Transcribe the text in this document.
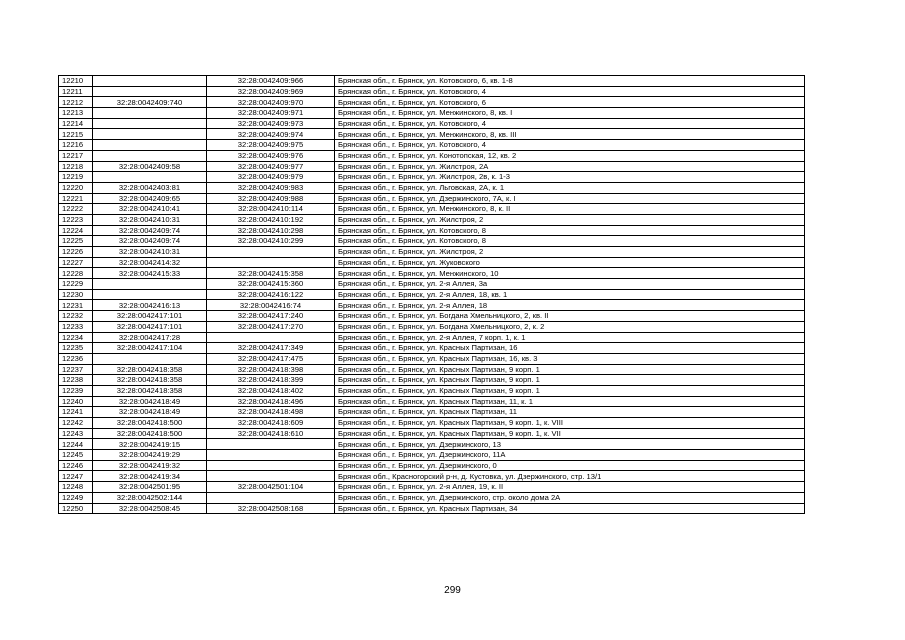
12210		32:28:0042409:966	Брянская обл., г. Брянск, ул. Котовского, 6, кв. 1-8
12211		32:28:0042409:969	Брянская обл., г. Брянск, ул. Котовского, 4
12212	32:28:0042409:740	32:28:0042409:970	Брянская обл., г. Брянск, ул. Котовского, 6
12213		32:28:0042409:971	Брянская обл., г. Брянск, ул. Менжинского, 8, кв. I
12214		32:28:0042409:973	Брянская обл., г. Брянск, ул. Котовского, 4
12215		32:28:0042409:974	Брянская обл., г. Брянск, ул. Менжинского, 8, кв. III
12216		32:28:0042409:975	Брянская обл., г. Брянск, ул. Котовского, 4
12217		32:28:0042409:976	Брянская обл., г. Брянск, ул. Конотопская, 12, кв. 2
12218	32:28:0042409:58	32:28:0042409:977	Брянская обл., г. Брянск, ул. Жилстроя, 2А
12219		32:28:0042409:979	Брянская обл., г. Брянск, ул. Жилстроя, 2в, к. 1-3
12220	32:28:0042403:81	32:28:0042409:983	Брянская обл., г. Брянск, ул. Льговская, 2А, к. 1
12221	32:28:0042409:65	32:28:0042409:988	Брянская обл., г. Брянск, ул. Дзержинского, 7А, к. I
12222	32:28:0042410:41	32:28:0042410:114	Брянская обл., г. Брянск, ул. Менжинского, 8, к. II
12223	32:28:0042410:31	32:28:0042410:192	Брянская обл., г. Брянск, ул. Жилстроя, 2
12224	32:28:0042409:74	32:28:0042410:298	Брянская обл., г. Брянск, ул. Котовского, 8
12225	32:28:0042409:74	32:28:0042410:299	Брянская обл., г. Брянск, ул. Котовского, 8
12226	32:28:0042410:31		Брянская обл., г. Брянск, ул. Жилстроя, 2
12227	32:28:0042414:32		Брянская обл., г. Брянск, ул. Жуковского
12228	32:28:0042415:33	32:28:0042415:358	Брянская обл., г. Брянск, ул. Менжинского, 10
12229		32:28:0042415:360	Брянская обл., г. Брянск, ул. 2-я Аллея, 3а
12230		32:28:0042416:122	Брянская обл., г. Брянск, ул. 2-я Аллея, 18, кв. 1
12231	32:28:0042416:13	32:28:0042416:74	Брянская обл., г. Брянск, ул. 2-я Аллея, 18
12232	32:28:0042417:101	32:28:0042417:240	Брянская обл., г. Брянск, ул. Богдана Хмельницкого, 2, кв. II
12233	32:28:0042417:101	32:28:0042417:270	Брянская обл., г. Брянск, ул. Богдана Хмельницкого, 2, к. 2
12234	32:28:0042417:28		Брянская обл., г. Брянск, ул. 2-я Аллея, 7 корп. 1, к. 1
12235	32:28:0042417:104	32:28:0042417:349	Брянская обл., г. Брянск, ул. Красных Партизан, 16
12236		32:28:0042417:475	Брянская обл., г. Брянск, ул. Красных Партизан, 16, кв. 3
12237	32:28:0042418:358	32:28:0042418:398	Брянская обл., г. Брянск, ул. Красных Партизан, 9 корп. 1
12238	32:28:0042418:358	32:28:0042418:399	Брянская обл., г. Брянск, ул. Красных Партизан, 9 корп. 1
12239	32:28:0042418:358	32:28:0042418:402	Брянская обл., г. Брянск, ул. Красных Партизан, 9 корп. 1
12240	32:28:0042418:49	32:28:0042418:496	Брянская обл., г. Брянск, ул. Красных Партизан, 11, к. 1
12241	32:28:0042418:49	32:28:0042418:498	Брянская обл., г. Брянск, ул. Красных Партизан, 11
12242	32:28:0042418:500	32:28:0042418:609	Брянская обл., г. Брянск, ул. Красных Партизан, 9 корп. 1, к. VIII
12243	32:28:0042418:500	32:28:0042418:610	Брянская обл., г. Брянск, ул. Красных Партизан, 9 корп. 1, к. VII
12244	32:28:0042419:15		Брянская обл., г. Брянск, ул. Дзержинского, 13
12245	32:28:0042419:29		Брянская обл., г. Брянск, ул. Дзержинского, 11А
12246	32:28:0042419:32		Брянская обл., г. Брянск, ул. Дзержинского, 0
12247	32:28:0042419:34		Брянская обл., Красногорский р-н, д. Кустовка, ул. Дзержинского, стр. 13/1
12248	32:28:0042501:95	32:28:0042501:104	Брянская обл., г. Брянск, ул. 2-я Аллея, 19, к. II
12249	32:28:0042502:144		Брянская обл., г. Брянск, ул. Дзержинского, стр. около дома 2А
12250	32:28:0042508:45	32:28:0042508:168	Брянская обл., г. Брянск, ул. Красных Партизан, 34
299
